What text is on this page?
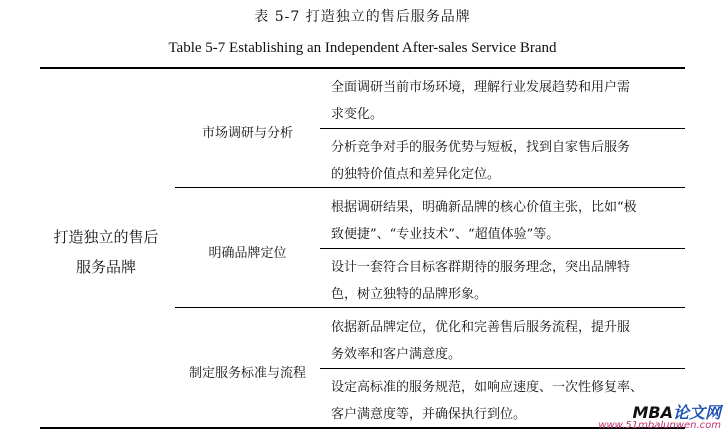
表 5-7 打造独立的售后服务品牌
Table 5-7 Establishing an Independent After-sales Service Brand
打造独立的售后
服务品牌
市场调研与分析
明确品牌定位
制定服务标准与流程
全面调研当前市场环境，理解行业发展趋势和用户需
求变化。
分析竞争对手的服务优势与短板，找到自家售后服务
的独特价值点和差异化定位。
根据调研结果，明确新品牌的核心价值主张，比如“极
致便捷”、“专业技术”、“超值体验”等。
设计一套符合目标客群期待的服务理念，突出品牌特
色，树立独特的品牌形象。
依据新品牌定位，优化和完善售后服务流程，提升服
务效率和客户满意度。
设定高标准的服务规范，如响应速度、一次性修复率、
客户满意度等，并确保执行到位。	MBA论文网
www.51mbalunwen.com
